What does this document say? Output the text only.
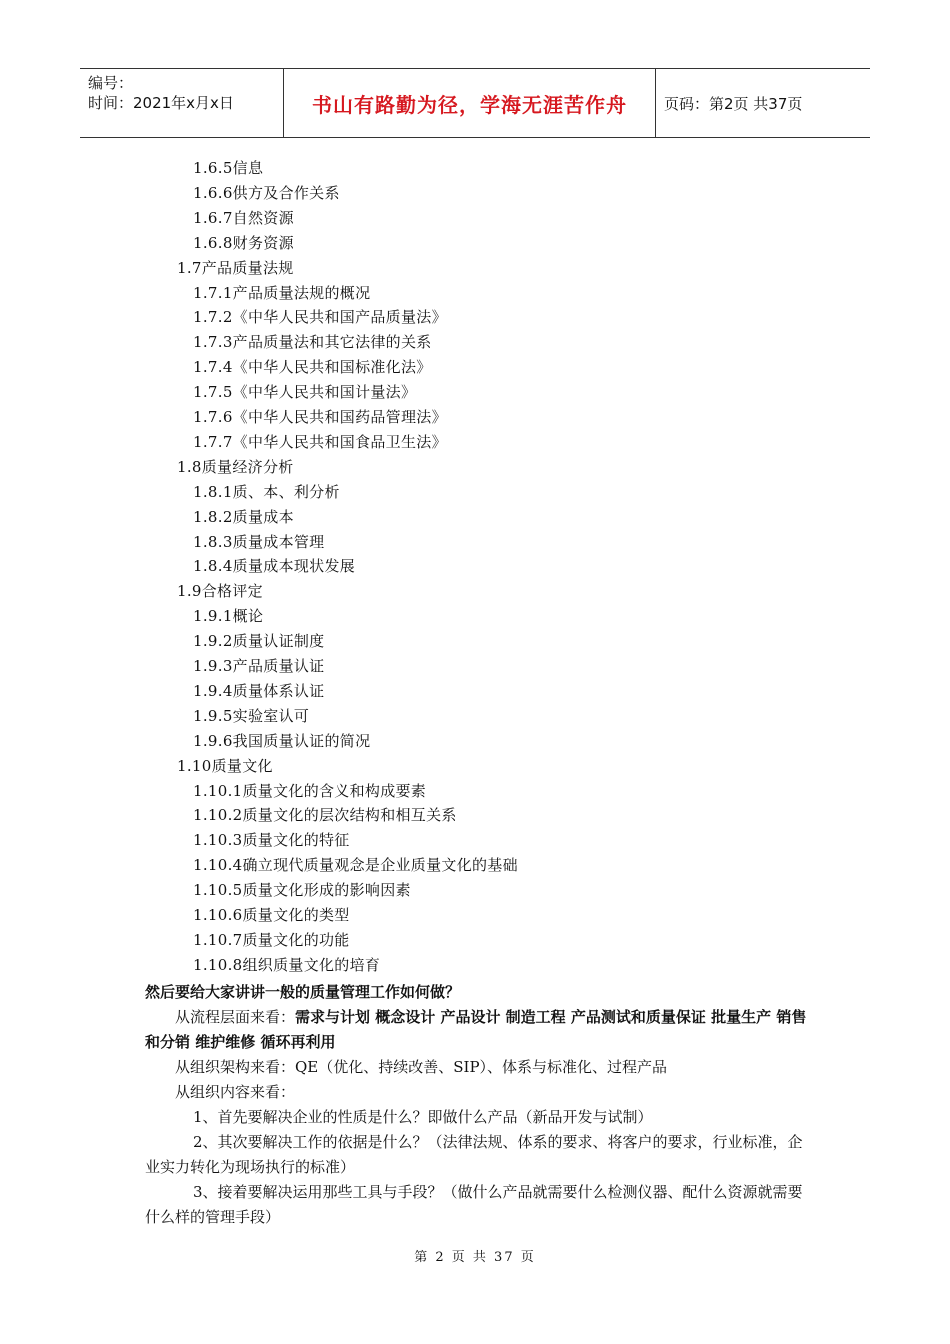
编号：
时间：2021年x月x日	书山有路勤为径，学海无涯苦作舟	页码：第2页 共37页
1.6.5信息
1.6.6供方及合作关系
1.6.7自然资源
1.6.8财务资源
1.7产品质量法规
1.7.1产品质量法规的概况
1.7.2《中华人民共和国产品质量法》
1.7.3产品质量法和其它法律的关系
1.7.4《中华人民共和国标准化法》
1.7.5《中华人民共和国计量法》
1.7.6《中华人民共和国药品管理法》
1.7.7《中华人民共和国食品卫生法》
1.8质量经济分析
1.8.1质、本、利分析
1.8.2质量成本
1.8.3质量成本管理
1.8.4质量成本现状发展
1.9合格评定
1.9.1概论
1.9.2质量认证制度
1.9.3产品质量认证
1.9.4质量体系认证
1.9.5实验室认可
1.9.6我国质量认证的简况
1.10质量文化
1.10.1质量文化的含义和构成要素
1.10.2质量文化的层次结构和相互关系
1.10.3质量文化的特征
1.10.4确立现代质量观念是企业质量文化的基础
1.10.5质量文化形成的影响因素
1.10.6质量文化的类型
1.10.7质量文化的功能
1.10.8组织质量文化的培育
然后要给大家讲讲一般的质量管理工作如何做？
从流程层面来看：需求与计划 概念设计 产品设计 制造工程 产品测试和质量保证 批量生产 销售和分销 维护维修 循环再利用
从组织架构来看：QE（优化、持续改善、SIP）、体系与标准化、过程产品
从组织内容来看：
1、首先要解决企业的性质是什么？即做什么产品（新品开发与试制）
2、其次要解决工作的依据是什么？（法律法规、体系的要求、将客户的要求，行业标准，企业实力转化为现场执行的标准）
3、接着要解决运用那些工具与手段？（做什么产品就需要什么检测仪器、配什么资源就需要什么样的管理手段）
第 2 页 共 37 页
